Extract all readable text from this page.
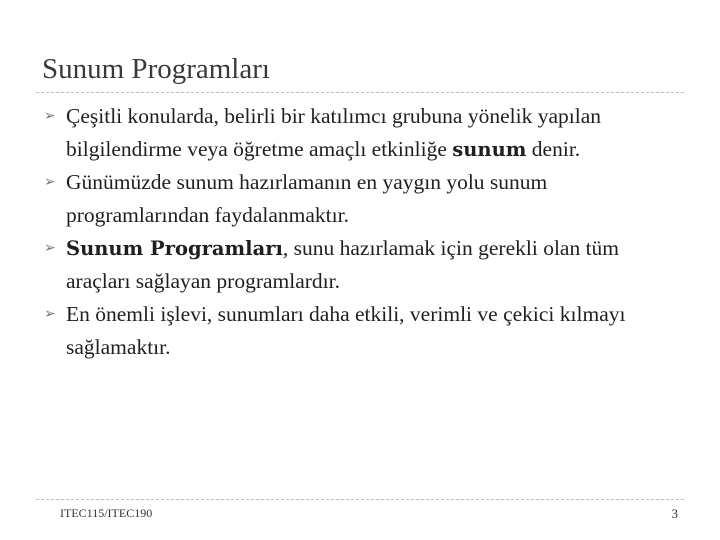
Sunum Programları
➢ Çeşitli konularda, belirli bir katılımcı grubuna yönelik yapılan bilgilendirme veya öğretme amaçlı etkinliğe sunum denir.
➢ Günümüzde sunum hazırlamanın en yaygın yolu sunum programlarından faydalanmaktır.
➢ Sunum Programları, sunu hazırlamak için gerekli olan tüm araçları sağlayan programlardır.
➢ En önemli işlevi, sunumları daha etkili, verimli ve çekici kılmayı sağlamaktır.
ITEC115/ITEC190	3
